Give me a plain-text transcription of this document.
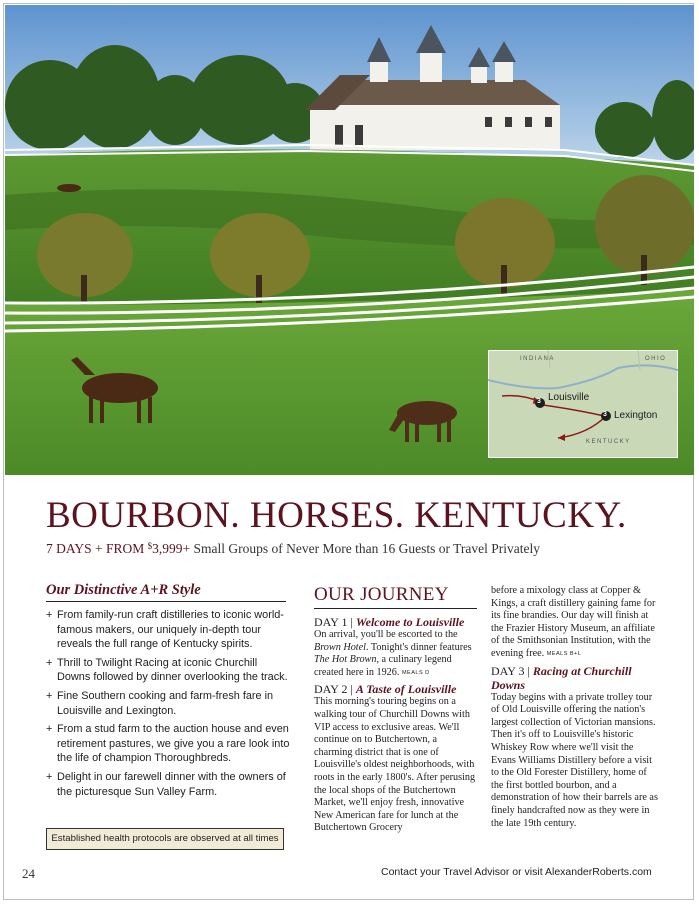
INDIANA	OHIO
KENTUCKY
3
3
Louisville
Lexington
BOURBON. HORSES. KENTUCKY.
7 DAYS + FROM $3,999+ Small Groups of Never More than 16 Guests or Travel Privately
Our Distinctive A+R Style
+ From family-run craft distilleries to iconic world-famous makers, our uniquely in-depth tour reveals the full range of Kentucky spirits.
+ Thrill to Twilight Racing at iconic Churchill Downs followed by dinner overlooking the track.
+ Fine Southern cooking and farm-fresh fare in Louisville and Lexington.
+ From a stud farm to the auction house and even retirement pastures, we give you a rare look into the life of champion Thoroughbreds.
+ Delight in our farewell dinner with the owners of the picturesque Sun Valley Farm.
Established health protocols are observed at all times
OUR JOURNEY

DAY 1 | Welcome to Louisville

On arrival, you'll be escorted to the Brown Hotel. Tonight's dinner features The Hot Brown, a culinary legend created here in 1926. MEALS D

DAY 2 | A Taste of Louisville

This morning's touring begins on a walking tour of Churchill Downs with VIP access to exclusive areas. We'll continue on to Butchertown, a charming district that is one of Louisville's oldest neighborhoods, with roots in the early 1800's. After perusing the local shops of the Butchertown Market, we'll enjoy fresh, innovative New American fare for lunch at the Butchertown Grocery

before a mixology class at Copper & Kings, a craft distillery gaining fame for its fine brandies. Our day will finish at the Frazier History Museum, an affiliate of the Smithsonian Institution, with the evening free. MEALS B+L

DAY 3 | Racing at Churchill Downs

Today begins with a private trolley tour of Old Louisville offering the nation's largest collection of Victorian mansions. Then it's off to Louisville's historic Whiskey Row where we'll visit the Evans Williams Distillery before a visit to the Old Forester Distillery, home of the first bottled bourbon, and a demonstration of how their barrels are as finely handcrafted now as they were in the late 19th century.

24	Contact your Travel Advisor or visit AlexanderRoberts.com
